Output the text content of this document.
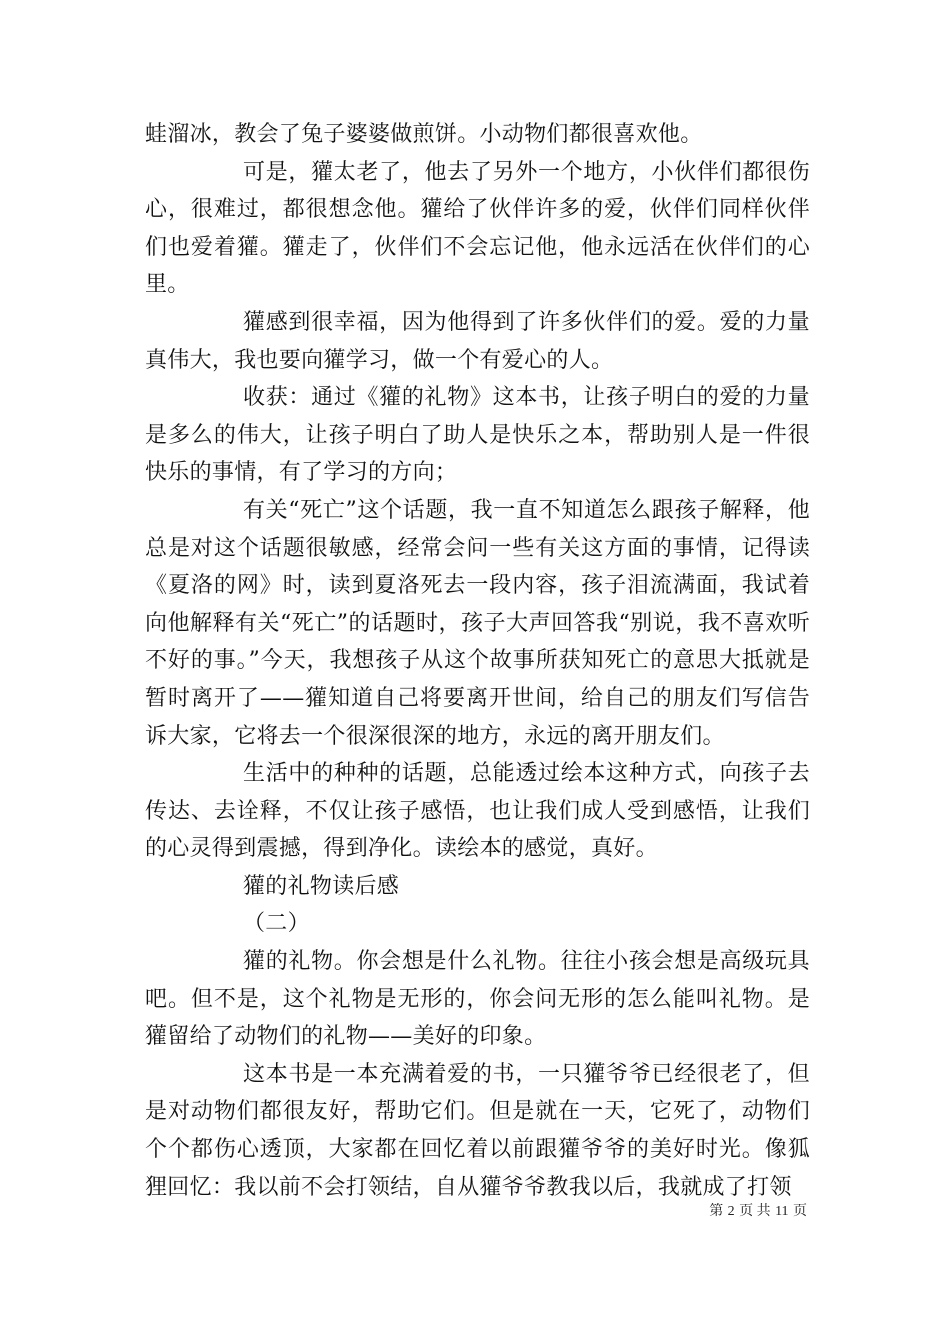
蛙溜冰，教会了兔子婆婆做煎饼。小动物们都很喜欢他。

可是，獾太老了，他去了另外一个地方，小伙伴们都很伤心，很难过，都很想念他。獾给了伙伴许多的爱，伙伴们同样伙伴们也爱着獾。獾走了，伙伴们不会忘记他，他永远活在伙伴们的心里。

獾感到很幸福，因为他得到了许多伙伴们的爱。爱的力量真伟大，我也要向獾学习，做一个有爱心的人。

收获：通过《獾的礼物》这本书，让孩子明白的爱的力量是多么的伟大，让孩子明白了助人是快乐之本，帮助别人是一件很快乐的事情，有了学习的方向；

有关“死亡”这个话题，我一直不知道怎么跟孩子解释，他总是对这个话题很敏感，经常会问一些有关这方面的事情，记得读《夏洛的网》时，读到夏洛死去一段内容，孩子泪流满面，我试着向他解释有关“死亡”的话题时，孩子大声回答我“别说，我不喜欢听不好的事。”今天，我想孩子从这个故事所获知死亡的意思大抵就是暂时离开了——獾知道自己将要离开世间，给自己的朋友们写信告诉大家，它将去一个很深很深的地方，永远的离开朋友们。

生活中的种种的话题，总能透过绘本这种方式，向孩子去传达、去诠释，不仅让孩子感悟，也让我们成人受到感悟，让我们的心灵得到震撼，得到净化。读绘本的感觉，真好。

獾的礼物读后感

（二）

獾的礼物。你会想是什么礼物。往往小孩会想是高级玩具吧。但不是，这个礼物是无形的，你会问无形的怎么能叫礼物。是獾留给了动物们的礼物——美好的印象。

这本书是一本充满着爱的书，一只獾爷爷已经很老了，但是对动物们都很友好，帮助它们。但是就在一天，它死了，动物们个个都伤心透顶，大家都在回忆着以前跟獾爷爷的美好时光。像狐狸回忆：我以前不会打领结，自从獾爷爷教我以后，我就成了打领

第 2 页 共 11 页
